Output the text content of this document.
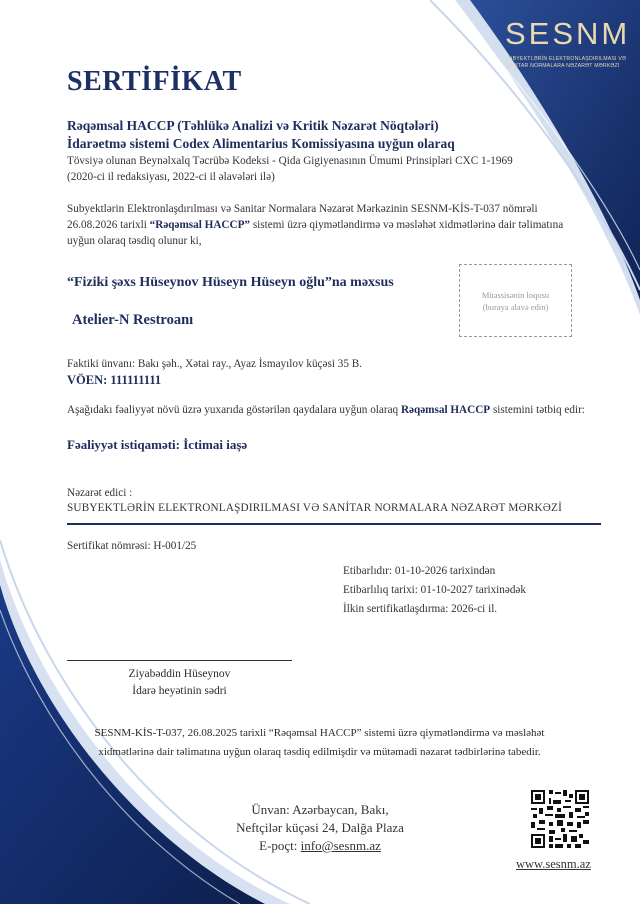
SESNM
SUBYEKTLƏRİN ELEKTRONLAŞDIRILMASI VƏ SANİTAR NORMALARA NƏZARƏT MƏRKƏZİ
SERTİFİKAT
Rəqəmsal HACCP (Təhlükə Analizi və Kritik Nəzarət Nöqtələri)
İdarəetmə sistemi Codex Alimentarius Komissiyasına uyğun olaraq
Tövsiyə olunan Beynəlxalq Təcrübə Kodeksi - Qida Gigiyenasının Ümumi Prinsipləri CXC 1-1969 (2020-ci il redaksiyası, 2022-ci il əlavələri ilə)
Subyektlərin Elektronlaşdırılması və Sanitar Normalara Nəzarət Mərkəzinin SESNM-KİS-T-037 nömrəli 26.08.2026 tarixli “Rəqəmsal HACCP” sistemi üzrə qiymətləndirmə və məsləhət xidmətlərinə dair təlimatına uyğun olaraq təsdiq olunur ki,
“Fiziki şəxs Hüseynov Hüseyn Hüseyn oğlu”na məxsus
Atelier-N Restroanı
Müəssisənin loqosu
(buraya əlavə edin)
Faktiki ünvanı: Bakı şəh., Xətai ray., Ayaz İsmayılov küçəsi 35 B.
VÖEN: 111111111
Aşağıdakı fəaliyyət növü üzrə yuxarıda göstərilən qaydalara uyğun olaraq Rəqəmsal HACCP sistemini tətbiq edir:
Fəaliyyət istiqaməti: İctimai iaşə
Nəzarət edici :
SUBYEKTLƏRİN ELEKTRONLAŞDIRILMASI VƏ SANİTAR NORMALARA NƏZARƏT MƏRKƏZİ
Sertifikat nömrəsi: H-001/25
Etibarlıdır: 01-10-2026 tarixindən
Etibarlılıq tarixi: 01-10-2027 tarixinədək
İlkin sertifikatlaşdırma: 2026-ci il.
Ziyabəddin Hüseynov
İdarə heyətinin sədri
SESNM-KİS-T-037, 26.08.2025 tarixli “Rəqəmsal HACCP” sistemi üzrə qiymətləndirmə və məsləhət xidmətlərinə dair təlimatına uyğun olaraq təsdiq edilmişdir və mütəmadi nəzarət tədbirlərinə tabedir.
Ünvan: Azərbaycan, Bakı,
Neftçilər küçəsi 24, Dalğa Plaza
E-poçt: info@sesnm.az
www.sesnm.az
